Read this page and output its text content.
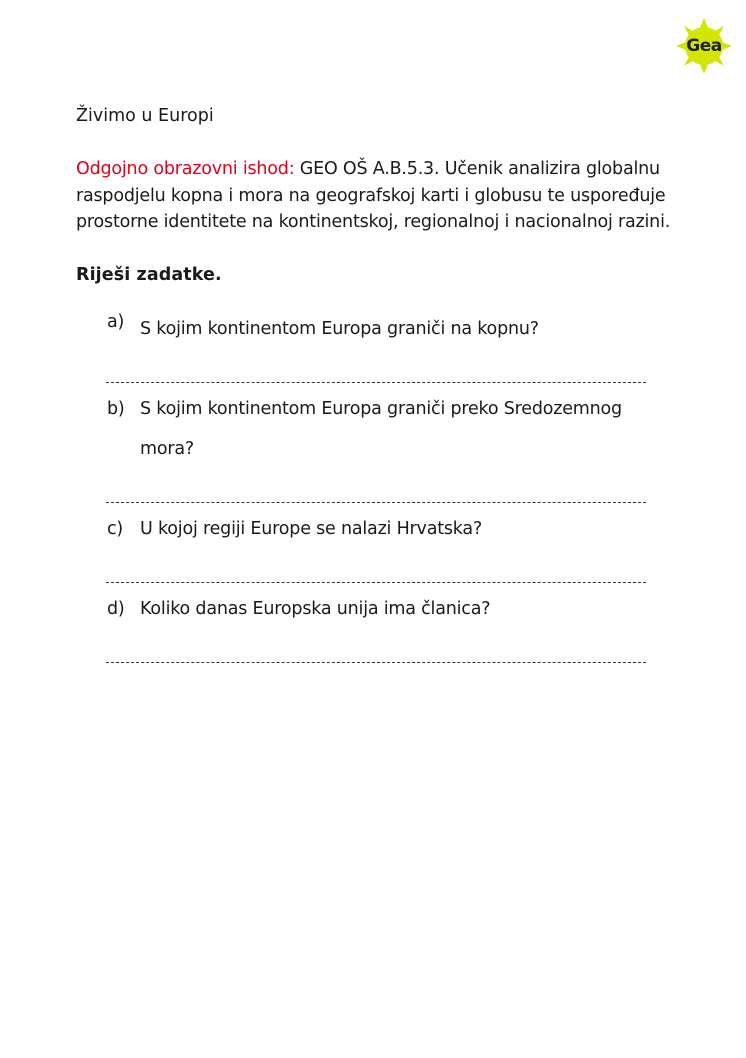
Gea
Živimo u Europi

Odgojno obrazovni ishod: GEO OŠ A.B.5.3. Učenik analizira globalnu raspodjelu kopna i mora na geografskoj karti i globusu te uspoređuje prostorne identitete na kontinentskoj, regionalnoj i nacionalnoj razini.

Riješi zadatke.

a) S kojim kontinentom Europa graniči na kopnu?
b) S kojim kontinentom Europa graniči preko Sredozemnog mora?
c) U kojoj regiji Europe se nalazi Hrvatska?
d) Koliko danas Europska unija ima članica?
